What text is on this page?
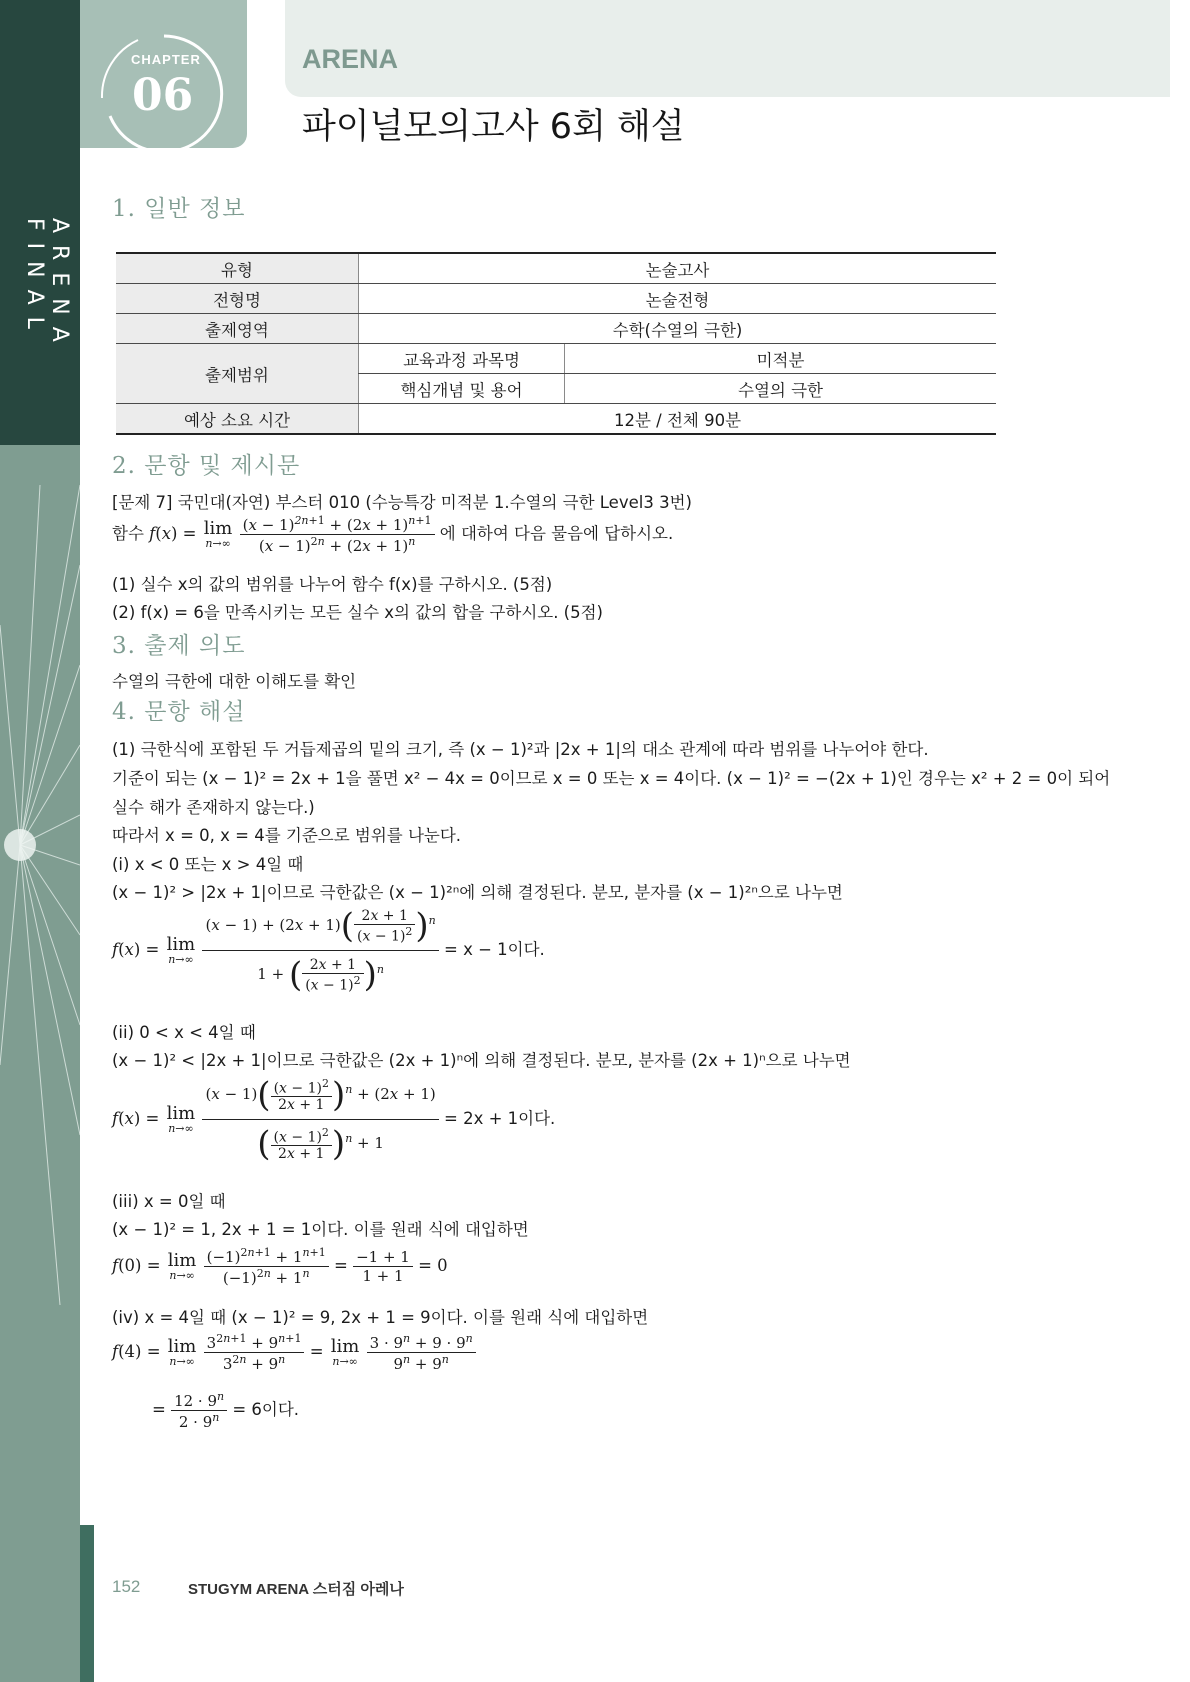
ARENA FINAL
CHAPTER
06
ARENA
파이널모의고사 6회 해설
1. 일반 정보
유형	논술고사	
전형명	논술전형	
출제영역	수학(수열의 극한)	
출제범위	교육과정 과목명	미적분
	핵심개념 및 용어	수열의 극한
예상 소요 시간	12분 / 전체 90분	
2. 문항 및 제시문
[문제 7] 국민대(자연) 부스터 010 (수능특강 미적분 1.수열의 극한 Level3 3번)
함수 f(x) = lim
n→∞
$\frac{(x - 1)^{2n+1} + (2x + 1)^{n+1}}{(x - 1)^{2n} + (2x + 1)^n}$ 에 대하여 다음 물음에 답하시오.
(1) 실수 x의 값의 범위를 나누어 함수 f(x)를 구하시오. (5점)
(2) f(x) = 6을 만족시키는 모든 실수 x의 값의 합을 구하시오. (5점)
3. 출제 의도
수열의 극한에 대한 이해도를 확인
4. 문항 해설
(1) 극한식에 포함된 두 거듭제곱의 밑의 크기, 즉 (x − 1)²과 |2x + 1|의 대소 관계에 따라 범위를 나누어야 한다.
기준이 되는 (x − 1)² = 2x + 1을 풀면 x² − 4x = 0이므로 x = 0 또는 x = 4이다. (x − 1)² = −(2x + 1)인 경우는 x² + 2 = 0이 되어
실수 해가 존재하지 않는다.)
따라서 x = 0, x = 4를 기준으로 범위를 나눈다.
(i) x < 0 또는 x > 4일 때
(x − 1)² > |2x + 1|이므로 극한값은 (x − 1)²ⁿ에 의해 결정된다. 분모, 분자를 (x − 1)²ⁿ으로 나누면
f(x) = lim
n→∞
$\frac{(x - 1) + (2x + 1)( \frac{2x + 1}{(x - 1)^2} )^n}{1 + ( \frac{2x + 1}{(x - 1)^2} )^n} = x - 1$이다.
(ii) 0 < x < 4일 때
(x − 1)² < |2x + 1|이므로 극한값은 (2x + 1)ⁿ에 의해 결정된다. 분모, 분자를 (2x + 1)ⁿ으로 나누면
f(x) = lim
n→∞
$\frac{(x - 1)( \frac{(x - 1)^2}{2x + 1} )^n + (2x + 1)}{( \frac{(x - 1)^2}{2x + 1} )^n + 1} = 2x + 1$이다.
(iii) x = 0일 때
(x − 1)² = 1, 2x + 1 = 1이다. 이를 원래 식에 대입하면
f(0) = lim
n→∞
$\frac{(-1)^{2n+1} + 1^{n+1}}{(-1)^{2n} + 1^n} = \frac{-1 + 1}{1 + 1} = 0$
(iv) x = 4일 때 (x − 1)² = 9, 2x + 1 = 9이다. 이를 원래 식에 대입하면
f(4) = lim
n→∞
$\frac{3^{2n+1} + 9^{n+1}}{3^{2n} + 9^n} = \lim$
n→∞
$\frac{3 \cdot 9^n + 9 \cdot 9^n}{9^n + 9^n}$
= $\frac{12 \cdot 9^n}{2 \cdot 9^n} = 6$이다.
152	STUGYM ARENA 스터짐 아레나
